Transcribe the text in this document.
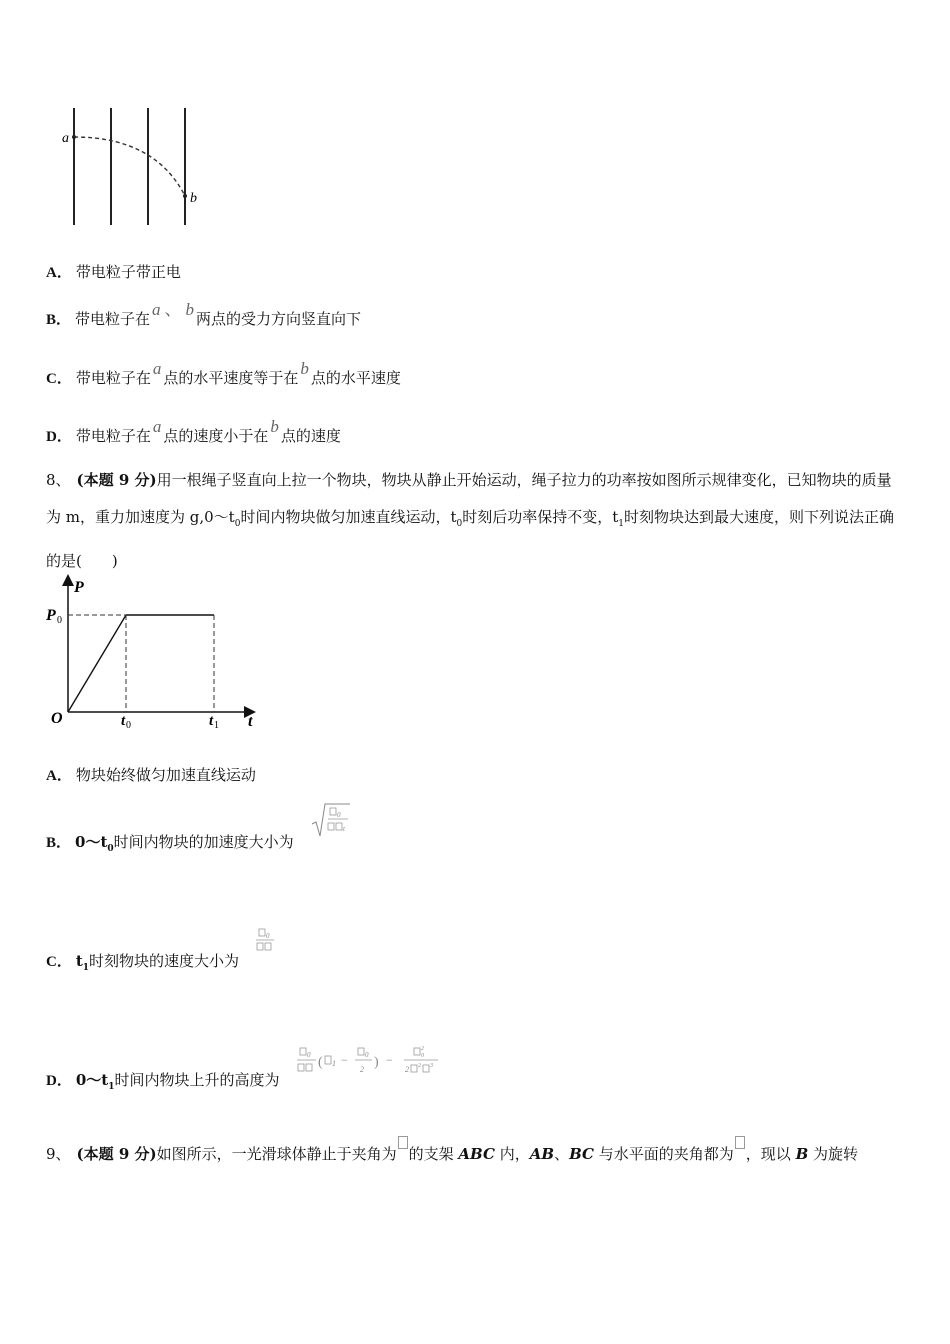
a
b
A． 带电粒子带正电
B． 带电粒子在 a 、 b 两点的受力方向竖直向下
C． 带电粒子在 a 点的水平速度等于在 b 点的水平速度
D． 带电粒子在 a 点的速度小于在 b 点的速度
8、 (本题 9 分)用一根绳子竖直向上拉一个物块，物块从静止开始运动，绳子拉力的功率按如图所示规律变化，已知物块的质量为 m，重力加速度为 $g,0\sim t_0$时间内物块做匀加速直线运动，$t_0$时刻后功率保持不变，$t_1$时刻物块达到最大速度，则下列说法正确的是(　　)
P
t
P 0
O	t 0	t 1
A． 物块始终做匀加速直线运动
B． $0\sim t_0$时间内物块的加速度大小为
0
t
C． $t_1$时刻物块的速度大小为
0
D． $0\sim t_1$时间内物块上升的高度为
0 ( 1 − 0
2 ) −
2
0
2 2 3
9、 (本题 9 分)如图所示，一光滑球体静止于夹角为 的支架 ABC 内，AB、BC 与水平面的夹角都为 ，现以 B 为旋转
